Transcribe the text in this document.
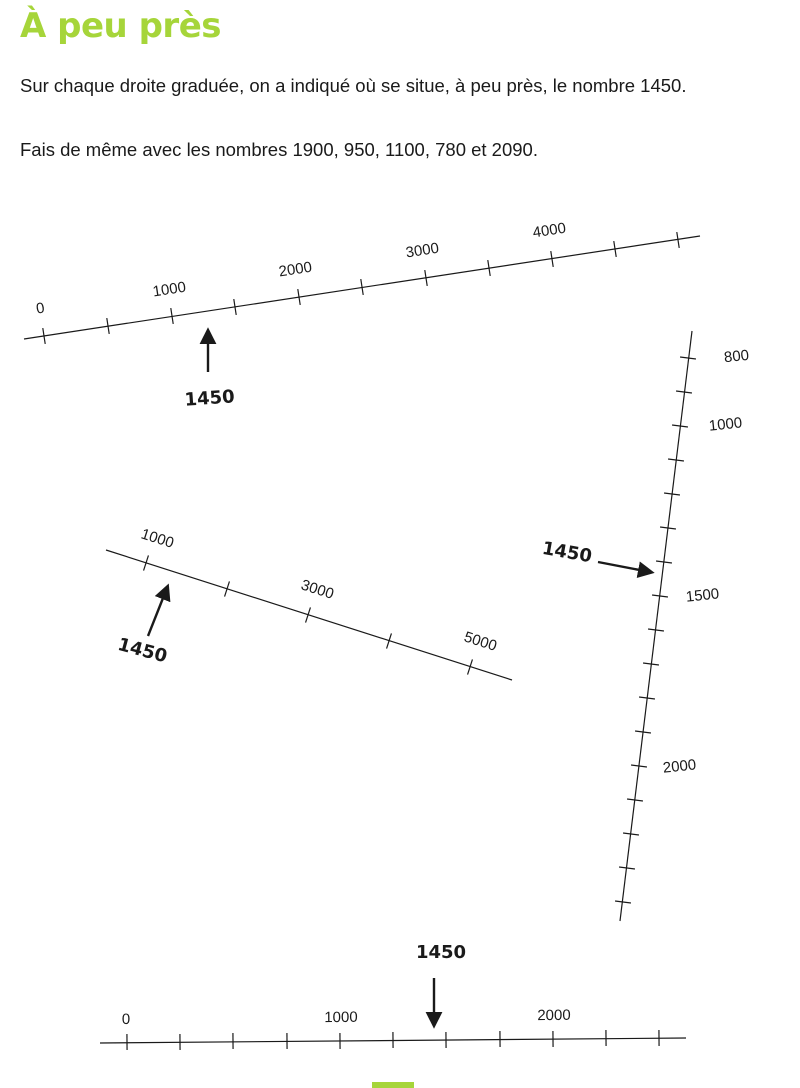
À peu près

Sur chaque droite graduée, on a indiqué où se situe, à peu près, le nombre 1450.

Fais de même avec les nombres 1900, 950, 1100, 780 et 2090.

0
1000
2000
3000
4000
1450
1000
3000
5000
1450
800
1000
1500
2000
1450
0	1000	2000
1450
